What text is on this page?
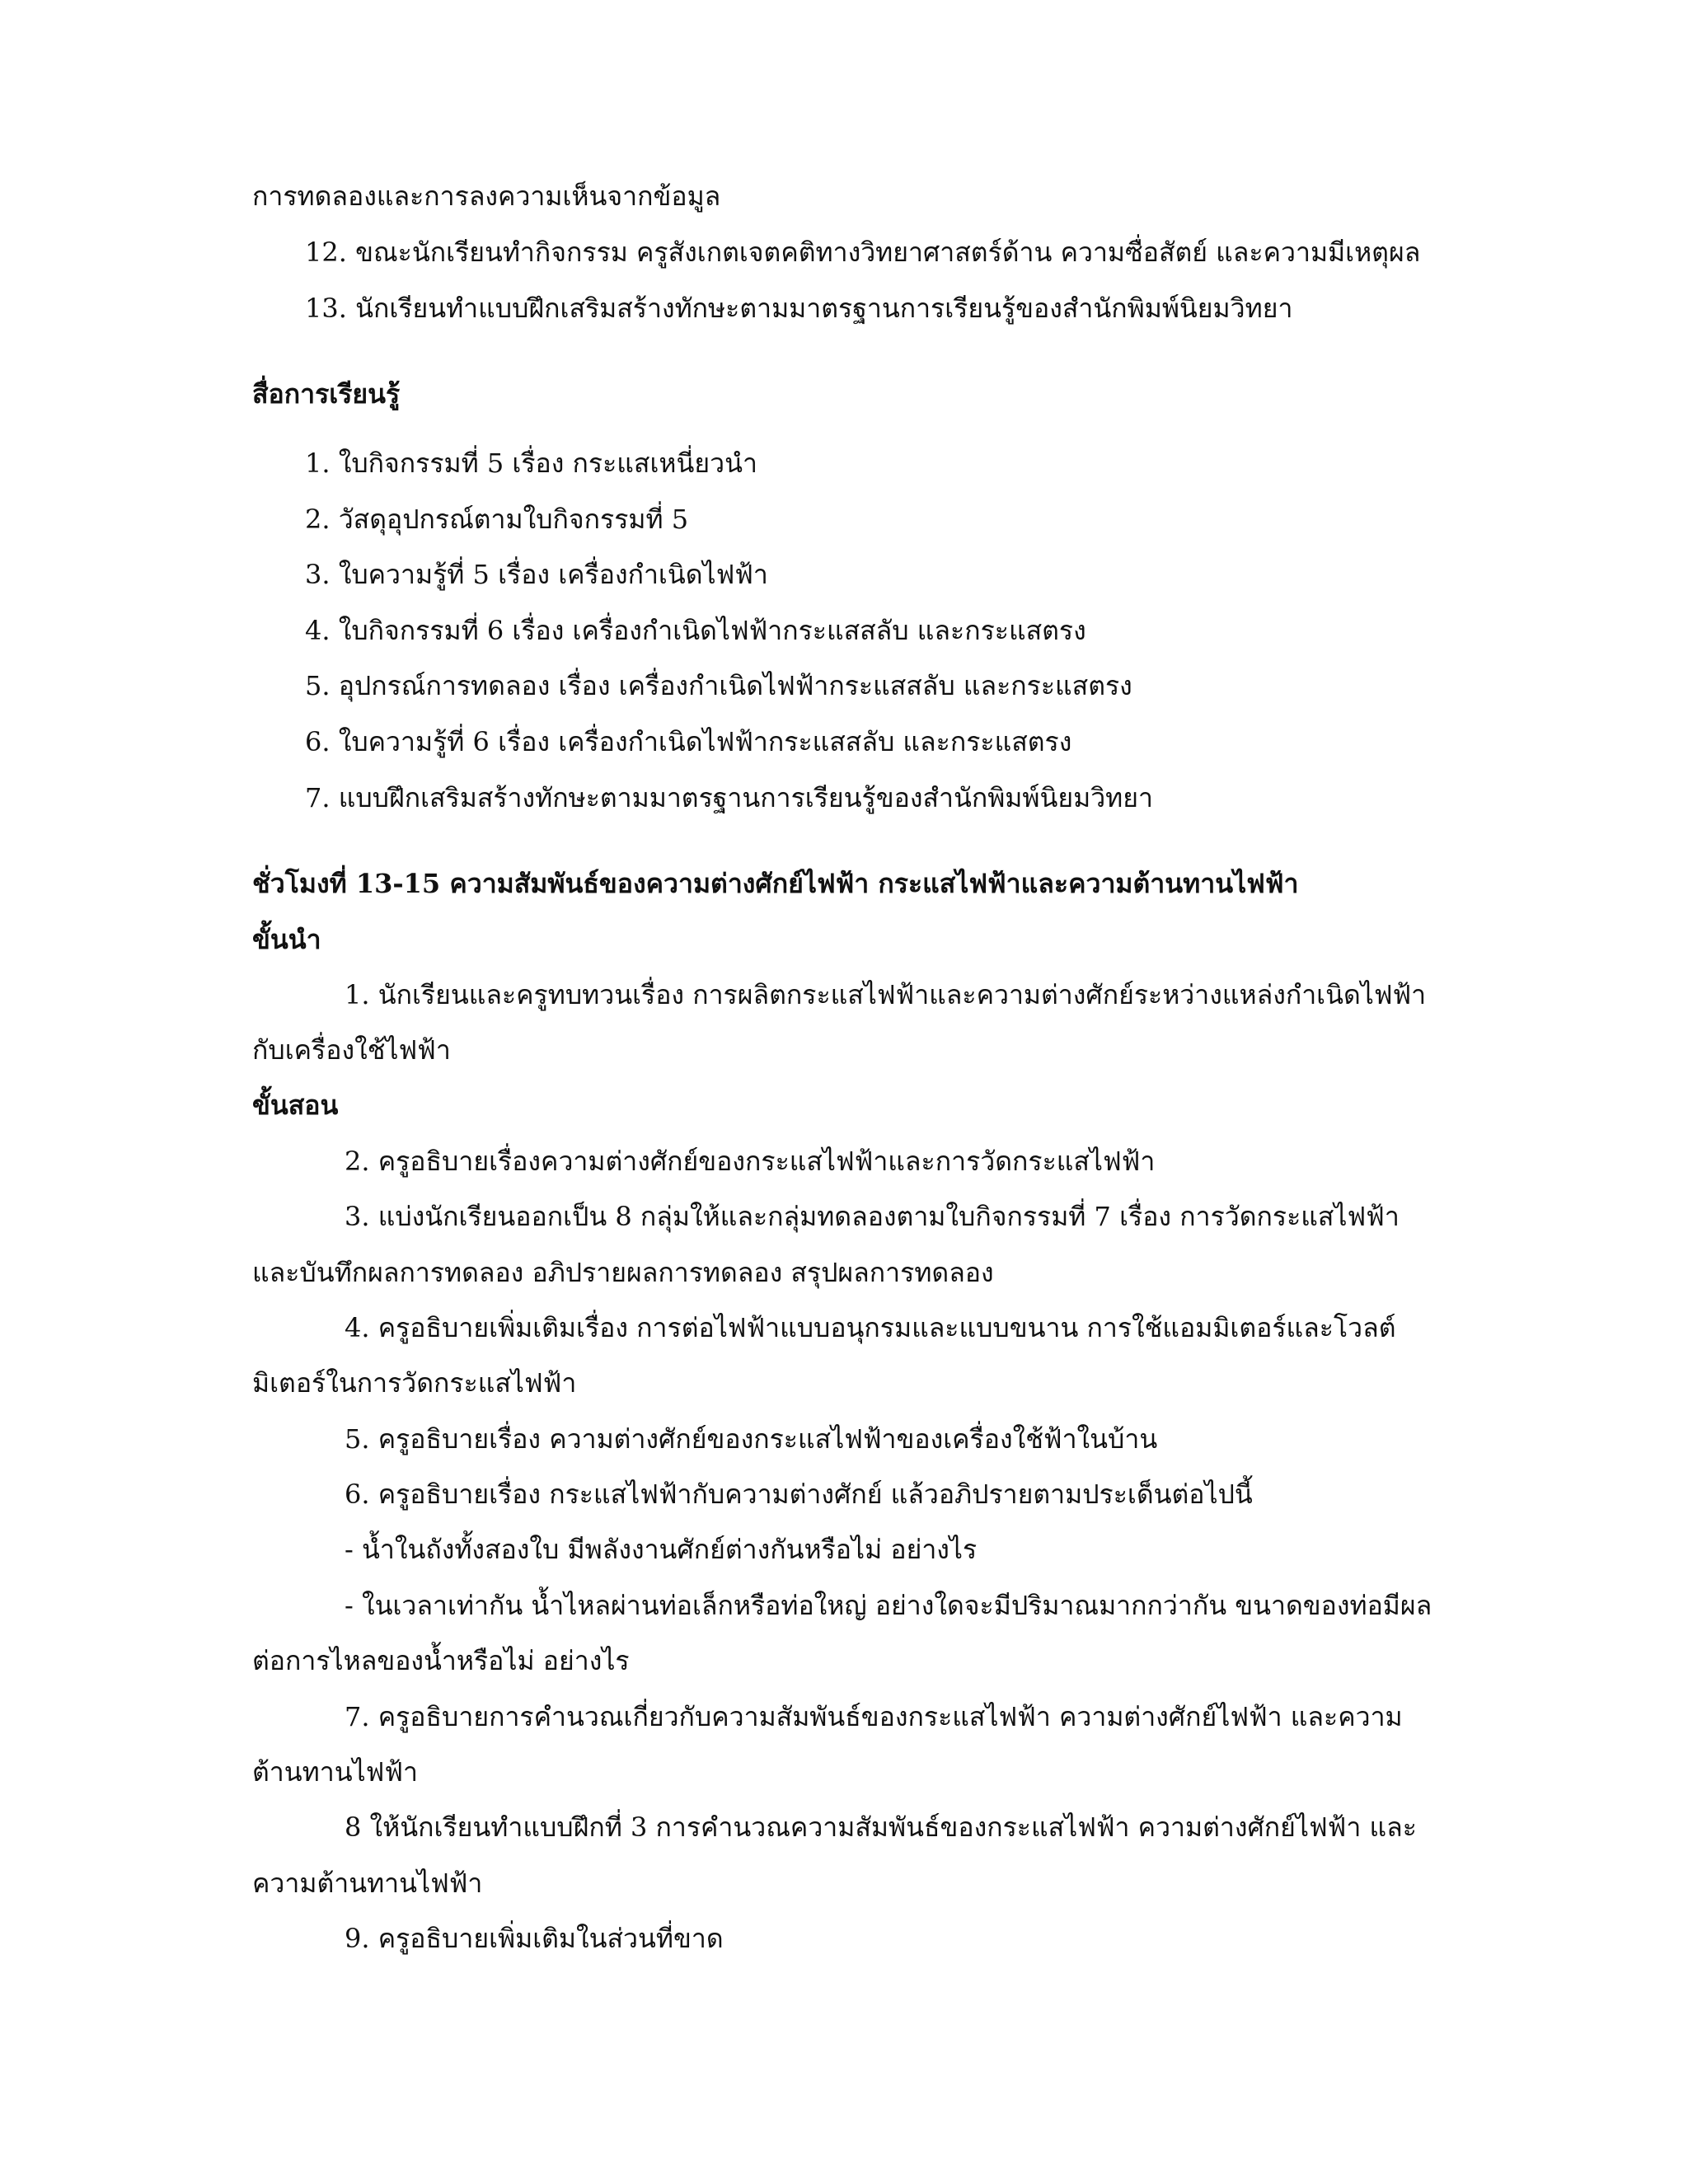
การทดลองและการลงความเห็นจากข้อมูล
12. ขณะนักเรียนทำกิจกรรม ครูสังเกตเจตคติทางวิทยาศาสตร์ด้าน ความซื่อสัตย์ และความมีเหตุผล
13. นักเรียนทำแบบฝึกเสริมสร้างทักษะตามมาตรฐานการเรียนรู้ของสำนักพิมพ์นิยมวิทยา
สื่อการเรียนรู้
1. ใบกิจกรรมที่ 5 เรื่อง กระแสเหนี่ยวนำ
2. วัสดุอุปกรณ์ตามใบกิจกรรมที่ 5
3. ใบความรู้ที่ 5 เรื่อง เครื่องกำเนิดไฟฟ้า
4. ใบกิจกรรมที่ 6 เรื่อง เครื่องกำเนิดไฟฟ้ากระแสสลับ และกระแสตรง
5. อุปกรณ์การทดลอง เรื่อง เครื่องกำเนิดไฟฟ้ากระแสสลับ และกระแสตรง
6. ใบความรู้ที่ 6 เรื่อง เครื่องกำเนิดไฟฟ้ากระแสสลับ และกระแสตรง
7. แบบฝึกเสริมสร้างทักษะตามมาตรฐานการเรียนรู้ของสำนักพิมพ์นิยมวิทยา
ชั่วโมงที่ 13-15 ความสัมพันธ์ของความต่างศักย์ไฟฟ้า กระแสไฟฟ้าและความต้านทานไฟฟ้า
ขั้นนำ
1. นักเรียนและครูทบทวนเรื่อง การผลิตกระแสไฟฟ้าและความต่างศักย์ระหว่างแหล่งกำเนิดไฟฟ้า
กับเครื่องใช้ไฟฟ้า
ขั้นสอน
2. ครูอธิบายเรื่องความต่างศักย์ของกระแสไฟฟ้าและการวัดกระแสไฟฟ้า
3. แบ่งนักเรียนออกเป็น 8 กลุ่มให้และกลุ่มทดลองตามใบกิจกรรมที่ 7 เรื่อง การวัดกระแสไฟฟ้า
และบันทึกผลการทดลอง อภิปรายผลการทดลอง สรุปผลการทดลอง
4. ครูอธิบายเพิ่มเติมเรื่อง การต่อไฟฟ้าแบบอนุกรมและแบบขนาน การใช้แอมมิเตอร์และโวลต์
มิเตอร์ในการวัดกระแสไฟฟ้า
5. ครูอธิบายเรื่อง ความต่างศักย์ของกระแสไฟฟ้าของเครื่องใช้ฟ้าในบ้าน
6. ครูอธิบายเรื่อง กระแสไฟฟ้ากับความต่างศักย์ แล้วอภิปรายตามประเด็นต่อไปนี้
- น้ำในถังทั้งสองใบ มีพลังงานศักย์ต่างกันหรือไม่ อย่างไร
- ในเวลาเท่ากัน น้ำไหลผ่านท่อเล็กหรือท่อใหญ่ อย่างใดจะมีปริมาณมากกว่ากัน ขนาดของท่อมีผล
ต่อการไหลของน้ำหรือไม่ อย่างไร
7. ครูอธิบายการคำนวณเกี่ยวกับความสัมพันธ์ของกระแสไฟฟ้า ความต่างศักย์ไฟฟ้า และความ
ต้านทานไฟฟ้า
8 ให้นักเรียนทำแบบฝึกที่ 3 การคำนวณความสัมพันธ์ของกระแสไฟฟ้า ความต่างศักย์ไฟฟ้า และ
ความต้านทานไฟฟ้า
9. ครูอธิบายเพิ่มเติมในส่วนที่ขาด
